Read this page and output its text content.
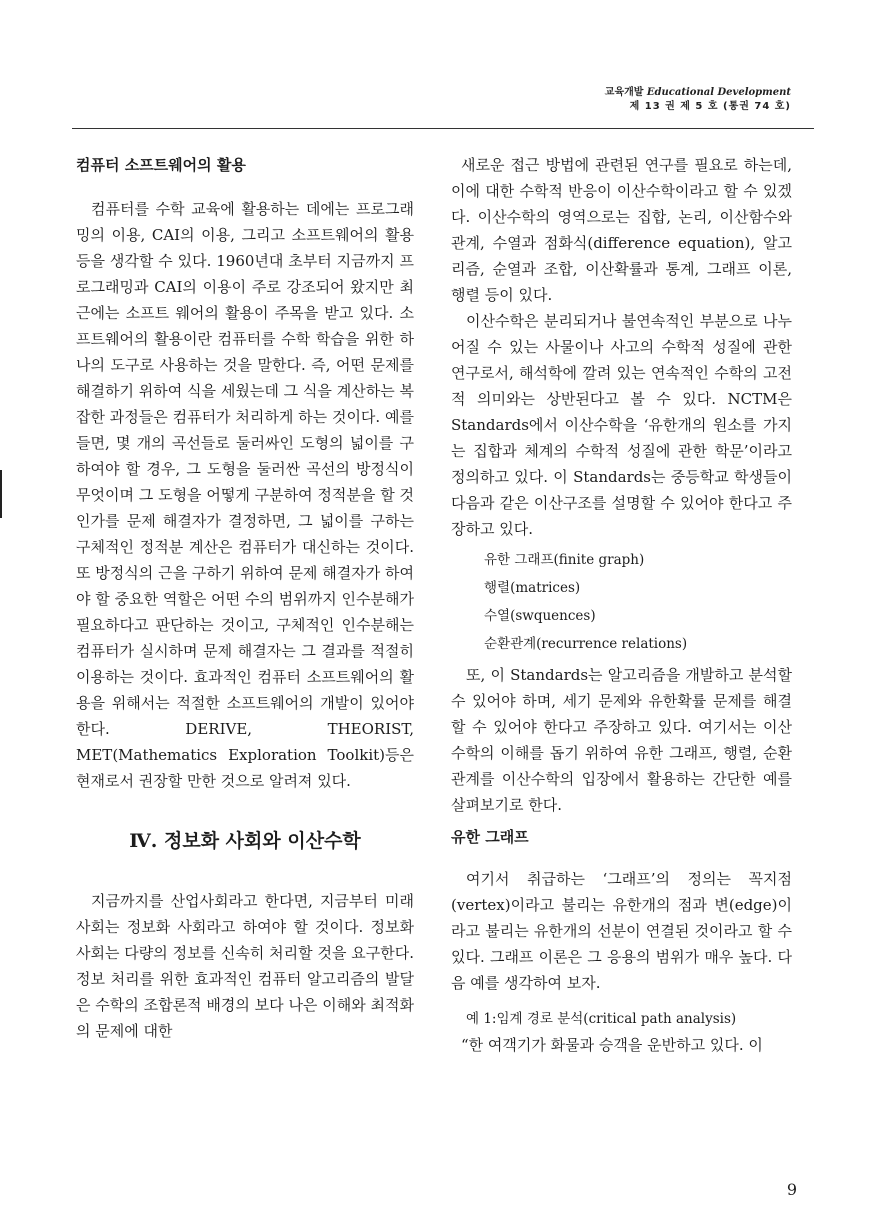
교육개발 Educational Development
제 13 권 제 5 호 (통권 74 호)
컴퓨터 소프트웨어의 활용

컴퓨터를 수학 교육에 활용하는 데에는 프로그래밍의 이용, CAI의 이용, 그리고 소프트웨어의 활용 등을 생각할 수 있다. 1960년대 초부터 지금까지 프로그래밍과 CAI의 이용이 주로 강조되어 왔지만 최근에는 소프트 웨어의 활용이 주목을 받고 있다. 소프트웨어의 활용이란 컴퓨터를 수학 학습을 위한 하나의 도구로 사용하는 것을 말한다. 즉, 어떤 문제를 해결하기 위하여 식을 세웠는데 그 식을 계산하는 복잡한 과정들은 컴퓨터가 처리하게 하는 것이다. 예를 들면, 몇 개의 곡선들로 둘러싸인 도형의 넓이를 구하여야 할 경우, 그 도형을 둘러싼 곡선의 방정식이 무엇이며 그 도형을 어떻게 구분하여 정적분을 할 것인가를 문제 해결자가 결정하면, 그 넓이를 구하는 구체적인 정적분 계산은 컴퓨터가 대신하는 것이다. 또 방정식의 근을 구하기 위하여 문제 해결자가 하여야 할 중요한 역할은 어떤 수의 범위까지 인수분해가 필요하다고 판단하는 것이고, 구체적인 인수분해는 컴퓨터가 실시하며 문제 해결자는 그 결과를 적절히 이용하는 것이다. 효과적인 컴퓨터 소프트웨어의 활용을 위해서는 적절한 소프트웨어의 개발이 있어야 한다. DERIVE, THEORIST, MET(Mathematics Exploration Toolkit)등은 현재로서 권장할 만한 것으로 알려져 있다.

Ⅳ. 정보화 사회와 이산수학

지금까지를 산업사회라고 한다면, 지금부터 미래 사회는 정보화 사회라고 하여야 할 것이다. 정보화 사회는 다량의 정보를 신속히 처리할 것을 요구한다. 정보 처리를 위한 효과적인 컴퓨터 알고리즘의 발달은 수학의 조합론적 배경의 보다 나은 이해와 최적화의 문제에 대한

새로운 접근 방법에 관련된 연구를 필요로 하는데, 이에 대한 수학적 반응이 이산수학이라고 할 수 있겠다. 이산수학의 영역으로는 집합, 논리, 이산함수와 관계, 수열과 점화식(difference equation), 알고리즘, 순열과 조합, 이산확률과 통계, 그래프 이론, 행렬 등이 있다.

이산수학은 분리되거나 불연속적인 부분으로 나누어질 수 있는 사물이나 사고의 수학적 성질에 관한 연구로서, 해석학에 깔려 있는 연속적인 수학의 고전적 의미와는 상반된다고 볼 수 있다. NCTM은 Standards에서 이산수학을 ‘유한개의 원소를 가지는 집합과 체계의 수학적 성질에 관한 학문’이라고 정의하고 있다. 이 Standards는 중등학교 학생들이 다음과 같은 이산구조를 설명할 수 있어야 한다고 주장하고 있다.

유한 그래프(finite graph)
행렬(matrices)
수열(swquences)
순환관계(recurrence relations)

또, 이 Standards는 알고리즘을 개발하고 분석할 수 있어야 하며, 세기 문제와 유한확률 문제를 해결할 수 있어야 한다고 주장하고 있다. 여기서는 이산수학의 이해를 돕기 위하여 유한 그래프, 행렬, 순환관계를 이산수학의 입장에서 활용하는 간단한 예를 살펴보기로 한다.

유한 그래프

여기서 취급하는 ‘그래프’의 정의는 꼭지점(vertex)이라고 불리는 유한개의 점과 변(edge)이라고 불리는 유한개의 선분이 연결된 것이라고 할 수 있다. 그래프 이론은 그 응용의 범위가 매우 높다. 다음 예를 생각하여 보자.

예 1:임계 경로 분석(critical path analysis)

“한 여객기가 화물과 승객을 운반하고 있다. 이

9
